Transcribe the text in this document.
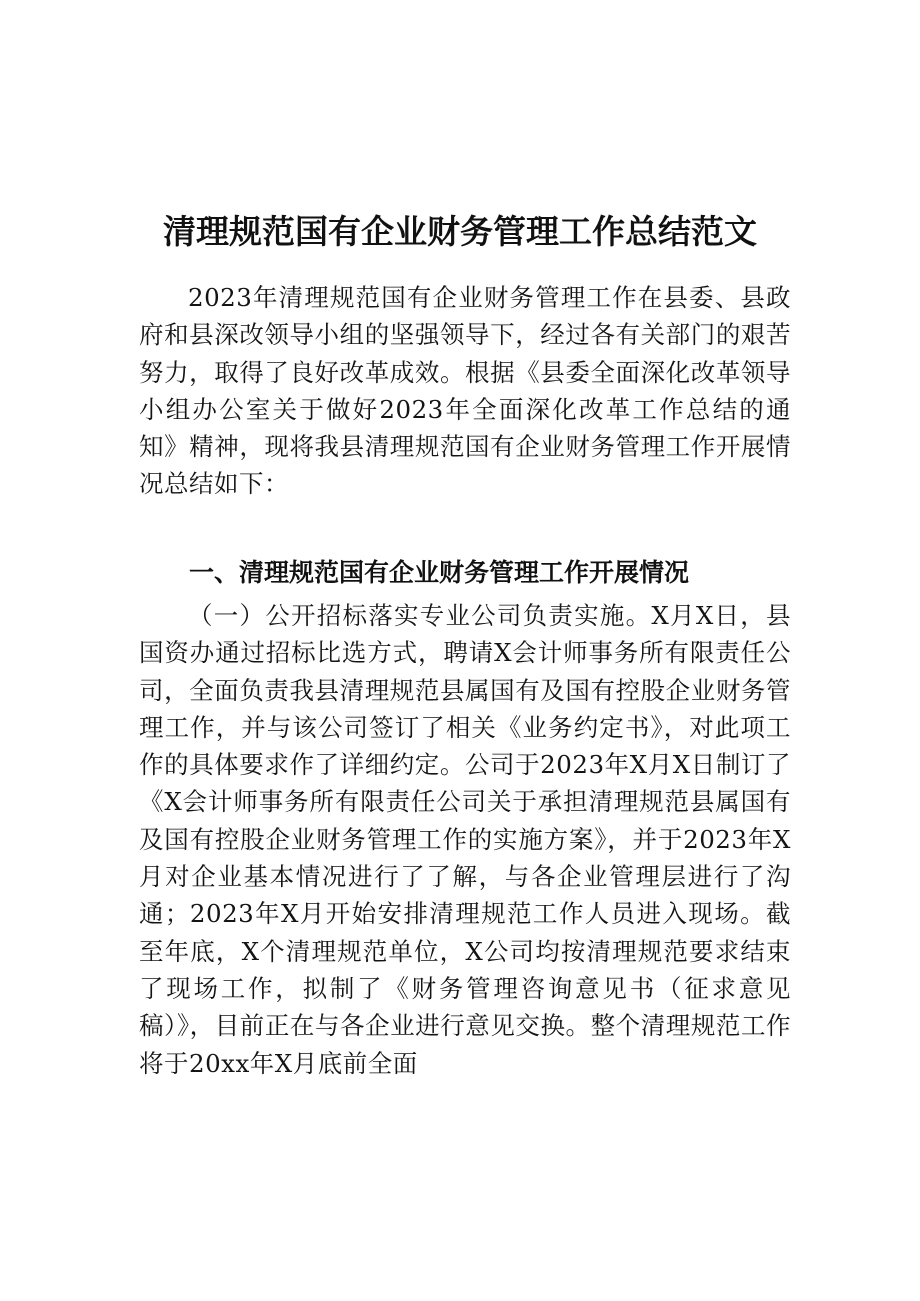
清理规范国有企业财务管理工作总结范文

2023年清理规范国有企业财务管理工作在县委、县政府和县深改领导小组的坚强领导下，经过各有关部门的艰苦努力，取得了良好改革成效。根据《县委全面深化改革领导小组办公室关于做好2023年全面深化改革工作总结的通知》精神，现将我县清理规范国有企业财务管理工作开展情况总结如下：

一、清理规范国有企业财务管理工作开展情况

（一）公开招标落实专业公司负责实施。X月X日，县国资办通过招标比选方式，聘请X会计师事务所有限责任公司，全面负责我县清理规范县属国有及国有控股企业财务管理工作，并与该公司签订了相关《业务约定书》，对此项工作的具体要求作了详细约定。公司于2023年X月X日制订了《X会计师事务所有限责任公司关于承担清理规范县属国有及国有控股企业财务管理工作的实施方案》，并于2023年X月对企业基本情况进行了了解，与各企业管理层进行了沟通；2023年X月开始安排清理规范工作人员进入现场。截至年底，X个清理规范单位，X公司均按清理规范要求结束了现场工作，拟制了《财务管理咨询意见书（征求意见稿）》，目前正在与各企业进行意见交换。整个清理规范工作将于20xx年X月底前全面
